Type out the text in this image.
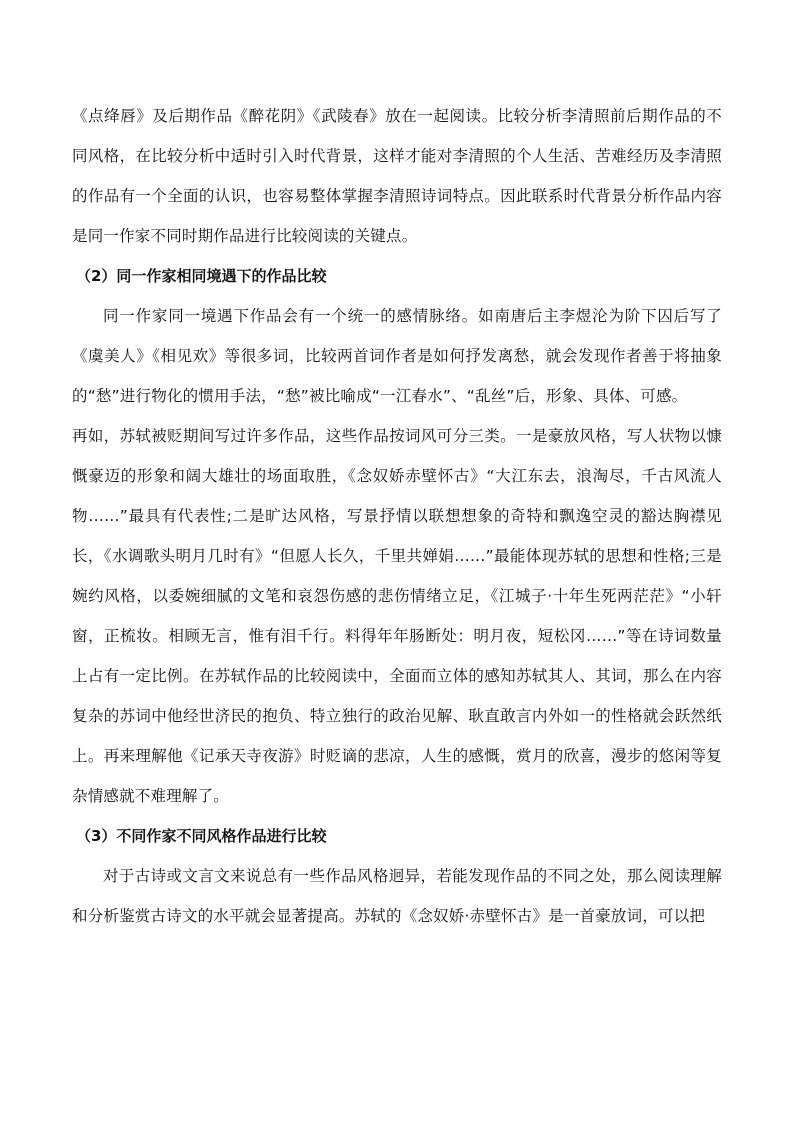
《点绛唇》及后期作品《醉花阴》《武陵春》放在一起阅读。比较分析李清照前后期作品的不同风格，在比较分析中适时引入时代背景，这样才能对李清照的个人生活、苦难经历及李清照的作品有一个全面的认识，也容易整体掌握李清照诗词特点。因此联系时代背景分析作品内容是同一作家不同时期作品进行比较阅读的关键点。

（2）同一作家相同境遇下的作品比较

同一作家同一境遇下作品会有一个统一的感情脉络。如南唐后主李煜沦为阶下囚后写了《虞美人》《相见欢》等很多词，比较两首词作者是如何抒发离愁，就会发现作者善于将抽象的“愁”进行物化的惯用手法，“愁”被比喻成“一江春水”、“乱丝”后，形象、具体、可感。

再如，苏轼被贬期间写过许多作品，这些作品按词风可分三类。一是豪放风格，写人状物以慷慨豪迈的形象和阔大雄壮的场面取胜，《念奴娇赤壁怀古》“大江东去，浪淘尽，千古风流人物……”最具有代表性;二是旷达风格，写景抒情以联想想象的奇特和飘逸空灵的豁达胸襟见长，《水调歌头明月几时有》“但愿人长久，千里共婵娟……”最能体现苏轼的思想和性格;三是婉约风格，以委婉细腻的文笔和哀怨伤感的悲伤情绪立足，《江城子·十年生死两茫茫》“小轩窗，正梳妆。相顾无言，惟有泪千行。料得年年肠断处：明月夜，短松冈……”等在诗词数量上占有一定比例。在苏轼作品的比较阅读中，全面而立体的感知苏轼其人、其词，那么在内容复杂的苏词中他经世济民的抱负、特立独行的政治见解、耿直敢言内外如一的性格就会跃然纸上。再来理解他《记承天寺夜游》时贬谪的悲凉，人生的感慨，赏月的欣喜，漫步的悠闲等复杂情感就不难理解了。

（3）不同作家不同风格作品进行比较

对于古诗或文言文来说总有一些作品风格迥异，若能发现作品的不同之处，那么阅读理解和分析鉴赏古诗文的水平就会显著提高。苏轼的《念奴娇·赤壁怀古》是一首豪放词，可以把
